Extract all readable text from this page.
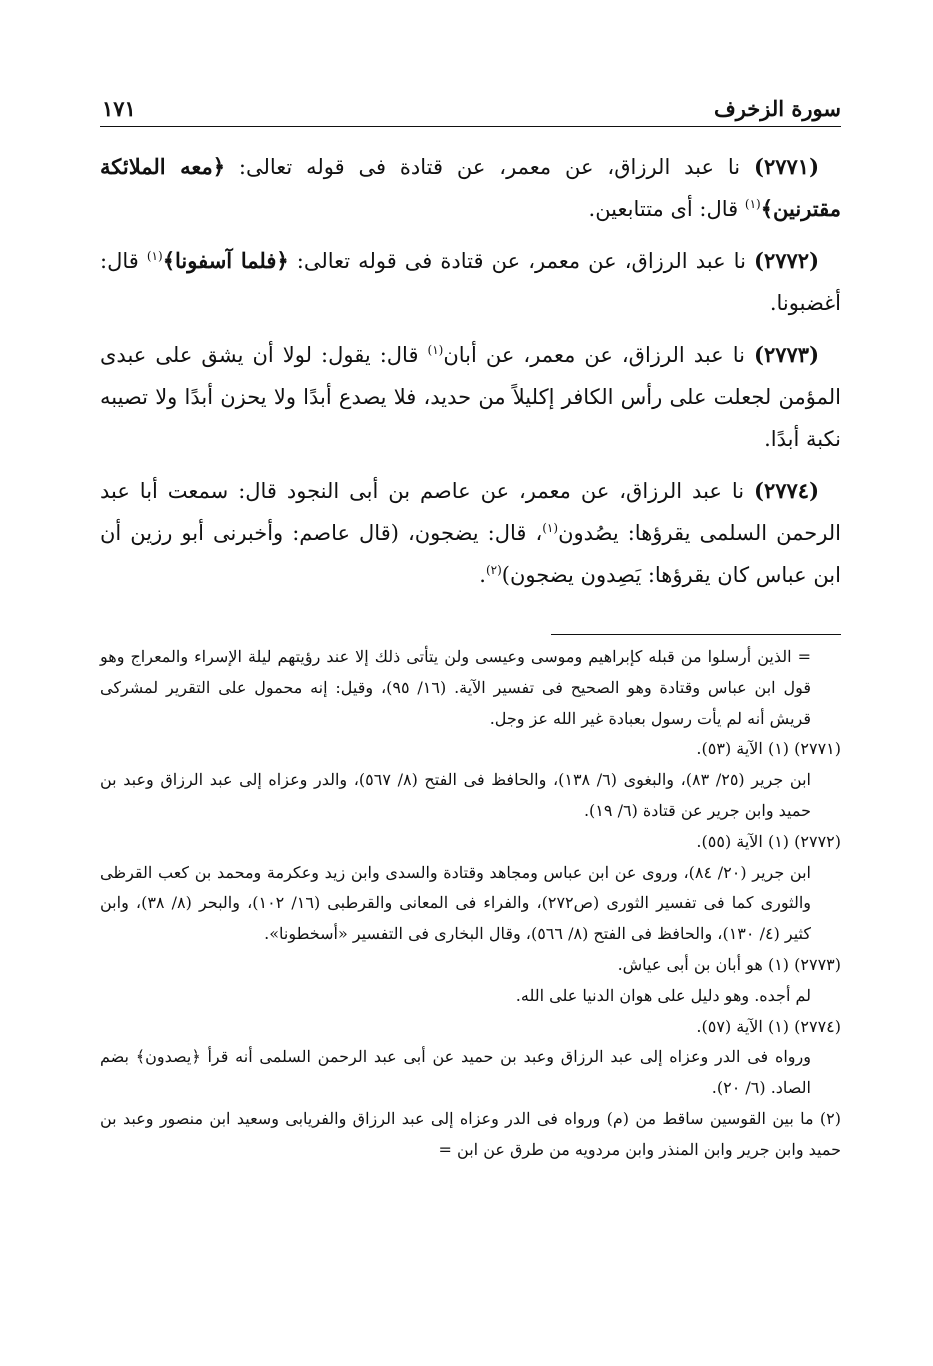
سورة الزخرف
١٧١

(٢٧٧١) نا عبد الرزاق، عن معمر، عن قتادة فى قوله تعالى: ﴿معه الملائكة مقترنين﴾$^{(١)}$ قال: أى متتابعين.

(٢٧٧٢) نا عبد الرزاق، عن معمر، عن قتادة فى قوله تعالى: ﴿فلما آسفونا﴾$^{(١)}$ قال: أغضبونا.

(٢٧٧٣) نا عبد الرزاق، عن معمر، عن أبان$^{(١)}$ قال: يقول: لولا أن يشق على عبدى المؤمن لجعلت على رأس الكافر إكليلاً من حديد، فلا يصدع أبدًا ولا يحزن أبدًا ولا تصيبه نكبة أبدًا.

(٢٧٧٤) نا عبد الرزاق، عن معمر، عن عاصم بن أبى النجود قال: سمعت أبا عبد الرحمن السلمى يقرؤها: يصُدون$^{(١)}$، قال: يضجون، (قال عاصم: وأخبرنى أبو رزين أن ابن عباس كان يقرؤها: يَصِدون يضجون)$^{(٢)}$.

= الذين أرسلوا من قبله كإبراهيم وموسى وعيسى ولن يتأتى ذلك إلا عند رؤيتهم ليلة الإسراء والمعراج وهو قول ابن عباس وقتادة وهو الصحيح فى تفسير الآية. (١٦/ ٩٥)، وقيل: إنه محمول على التقرير لمشركى قريش أنه لم يأت رسول بعبادة غير الله عز وجل.

(٢٧٧١) (١) الآية (٥٣).

ابن جرير (٢٥/ ٨٣)، والبغوى (٦/ ١٣٨)، والحافظ فى الفتح (٨/ ٥٦٧)، والدر وعزاه إلى عبد الرزاق وعبد بن حميد وابن جرير عن قتادة (٦/ ١٩).

(٢٧٧٢) (١) الآية (٥٥).

ابن جرير (٢٠/ ٨٤)، وروى عن ابن عباس ومجاهد وقتادة والسدى وابن زيد وعكرمة ومحمد بن كعب القرظى والثورى كما فى تفسير الثورى (ص٢٧٢)، والفراء فى المعانى والقرطبى (١٦/ ١٠٢)، والبحر (٨/ ٣٨)، وابن كثير (٤/ ١٣٠)، والحافظ فى الفتح (٨/ ٥٦٦)، وقال البخارى فى التفسير «أسخطونا».

(٢٧٧٣) (١) هو أبان بن أبى عياش.

لم أجده. وهو دليل على هوان الدنيا على الله.

(٢٧٧٤) (١) الآية (٥٧).

ورواه فى الدر وعزاه إلى عبد الرزاق وعبد بن حميد عن أبى عبد الرحمن السلمى أنه قرأ ﴿يصدون﴾ بضم الصاد. (٦/ ٢٠).

(٢) ما بين القوسين ساقط من (م) ورواه فى الدر وعزاه إلى عبد الرزاق والفريابى وسعيد ابن منصور وعبد بن حميد وابن جرير وابن المنذر وابن مردويه من طرق عن ابن =
